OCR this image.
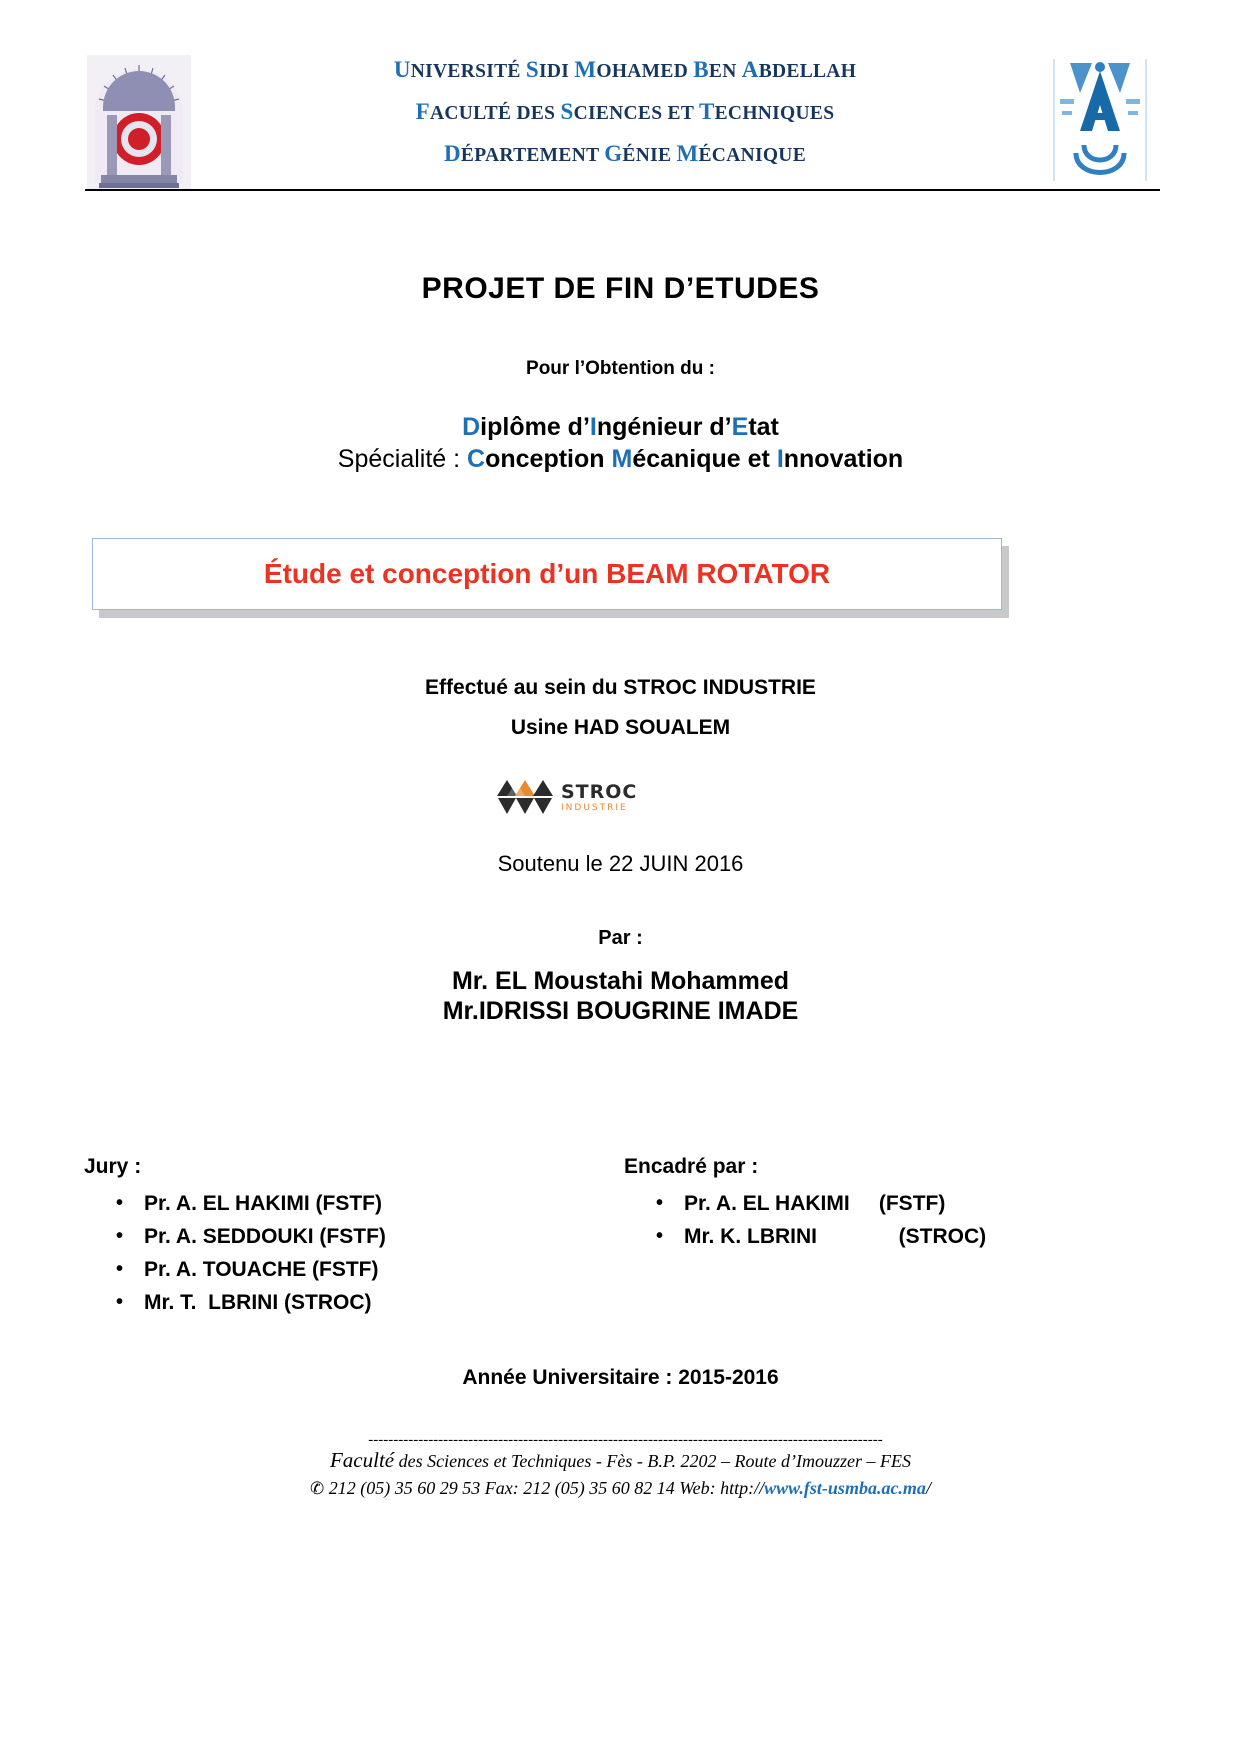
UNIVERSITÉ SIDI MOHAMED BEN ABDELLAH
FACULTÉ DES SCIENCES ET TECHNIQUES
DÉPARTEMENT GÉNIE MÉCANIQUE
PROJET DE FIN D’ETUDES
Pour l’Obtention du :
Diplôme d’Ingénieur d’Etat
Spécialité : Conception Mécanique et Innovation
Étude et conception d’un BEAM ROTATOR
Effectué au sein du STROC INDUSTRIE
Usine HAD SOUALEM
STROC
INDUSTRIE
Soutenu le 22 JUIN 2016
Par :
Mr. EL Moustahi Mohammed
Mr.IDRISSI BOUGRINE IMADE
Jury :
• Pr. A. EL HAKIMI (FSTF)
• Pr. A. SEDDOUKI (FSTF)
• Pr. A. TOUACHE (FSTF)
• Mr. T.  LBRINI (STROC)
Encadré par :
• Pr. A. EL HAKIMI     (FSTF)
• Mr. K. LBRINI              (STROC)
Année Universitaire : 2015-2016
-------------------------------------------------------------------------------------------------------
Faculté des Sciences et Techniques - Fès - B.P. 2202 – Route d’Imouzzer – FES
✆ 212 (05) 35 60 29 53 Fax: 212 (05) 35 60 82 14 Web: http://www.fst-usmba.ac.ma/
